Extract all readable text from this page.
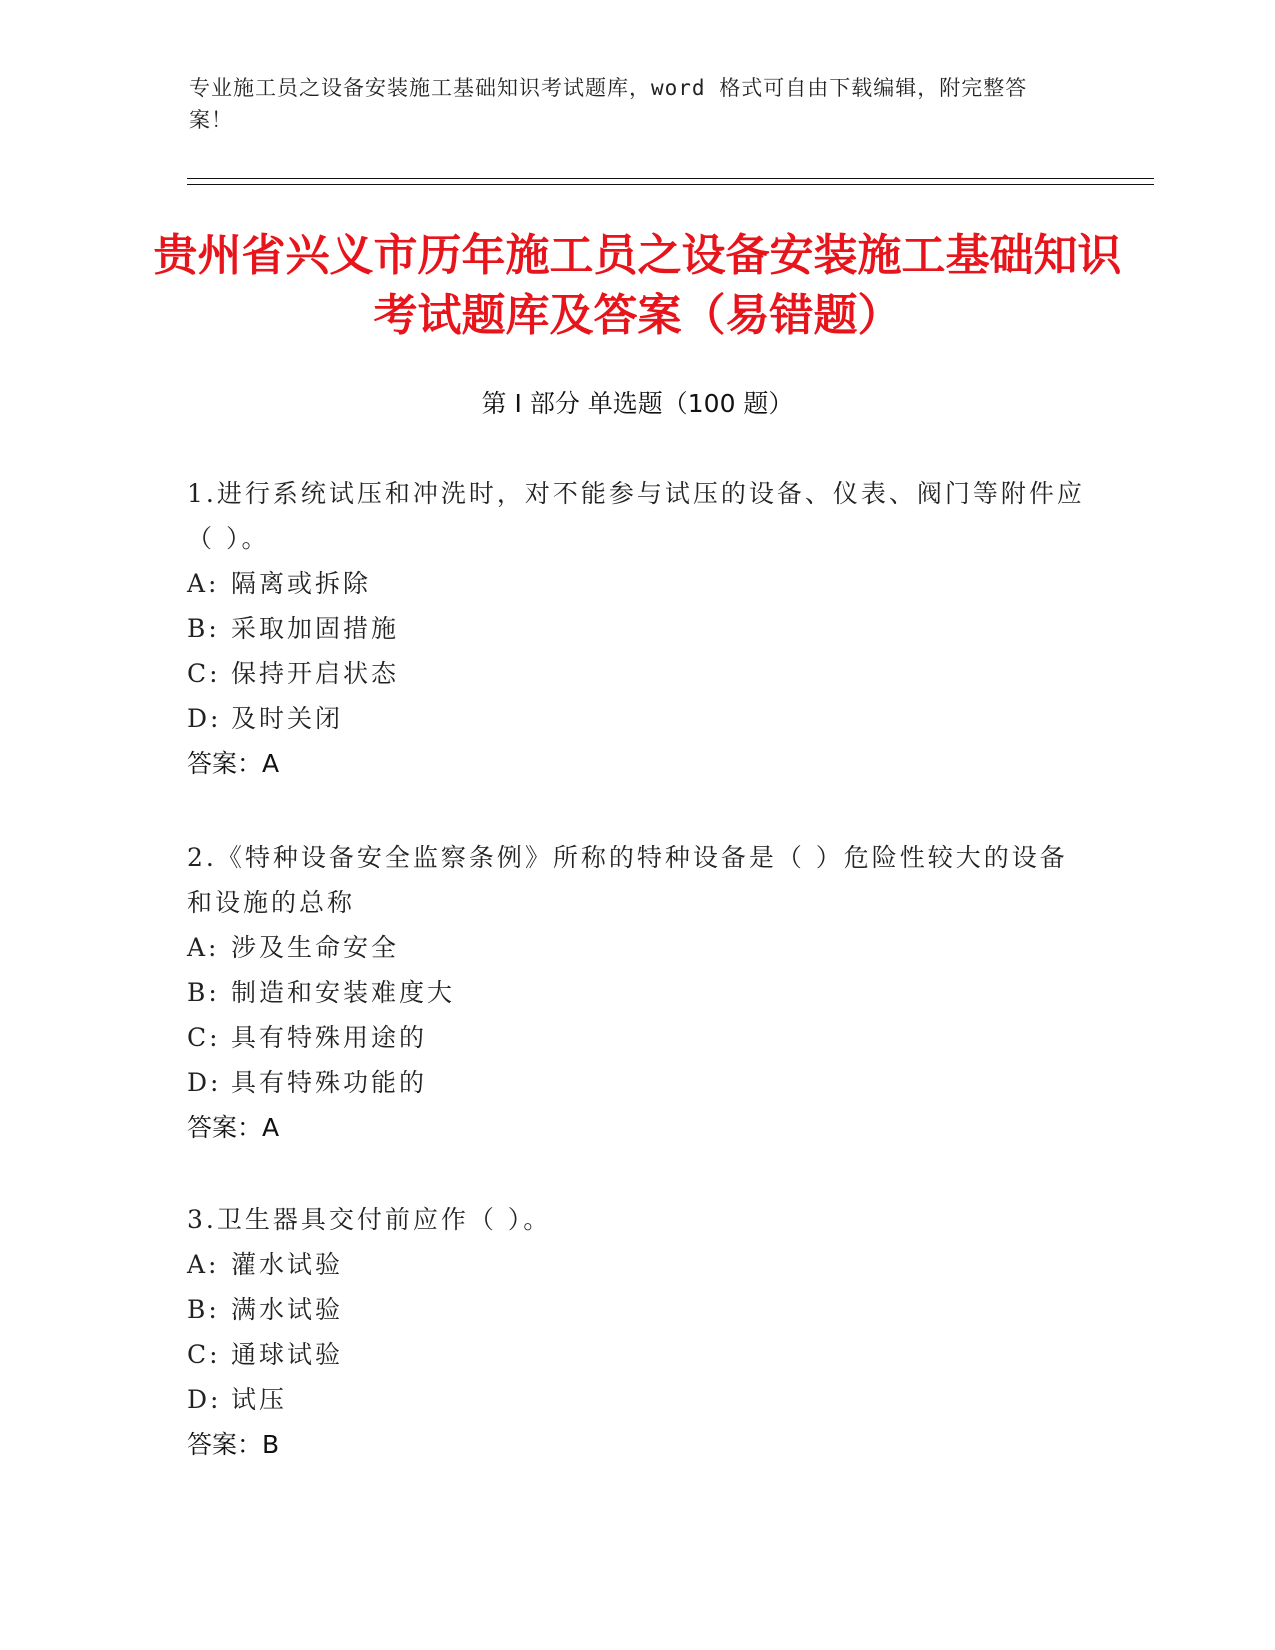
专业施工员之设备安装施工基础知识考试题库，word 格式可自由下载编辑，附完整答案！
贵州省兴义市历年施工员之设备安装施工基础知识考试题库及答案（易错题）
第 I 部分 单选题（100 题）

1.进行系统试压和冲洗时，对不能参与试压的设备、仪表、阀门等附件应（ ）。

A: 隔离或拆除

B: 采取加固措施

C: 保持开启状态

D: 及时关闭

答案：A

2.《特种设备安全监察条例》所称的特种设备是（ ）危险性较大的设备和设施的总称

A: 涉及生命安全

B: 制造和安装难度大

C: 具有特殊用途的

D: 具有特殊功能的

答案：A

3.卫生器具交付前应作（ ）。

A: 灌水试验

B: 满水试验

C: 通球试验

D: 试压

答案：B
